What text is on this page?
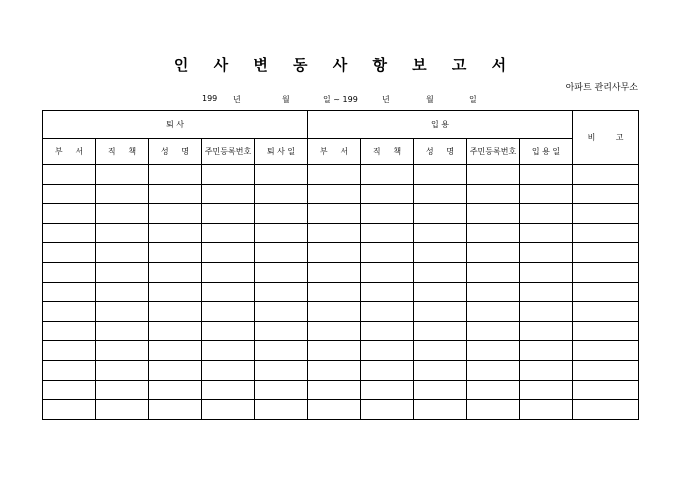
인 사 변 동 사 항 보 고 서
아파트 관리사무소

199

년

	월

	일 ~ 199

	년

	월

	일

퇴 사					입 용					비        고
부     서	직     책	성     명	주민등록번호	퇴 사 일	부     서	직     책	성     명	주민등록번호	입 용 일	
